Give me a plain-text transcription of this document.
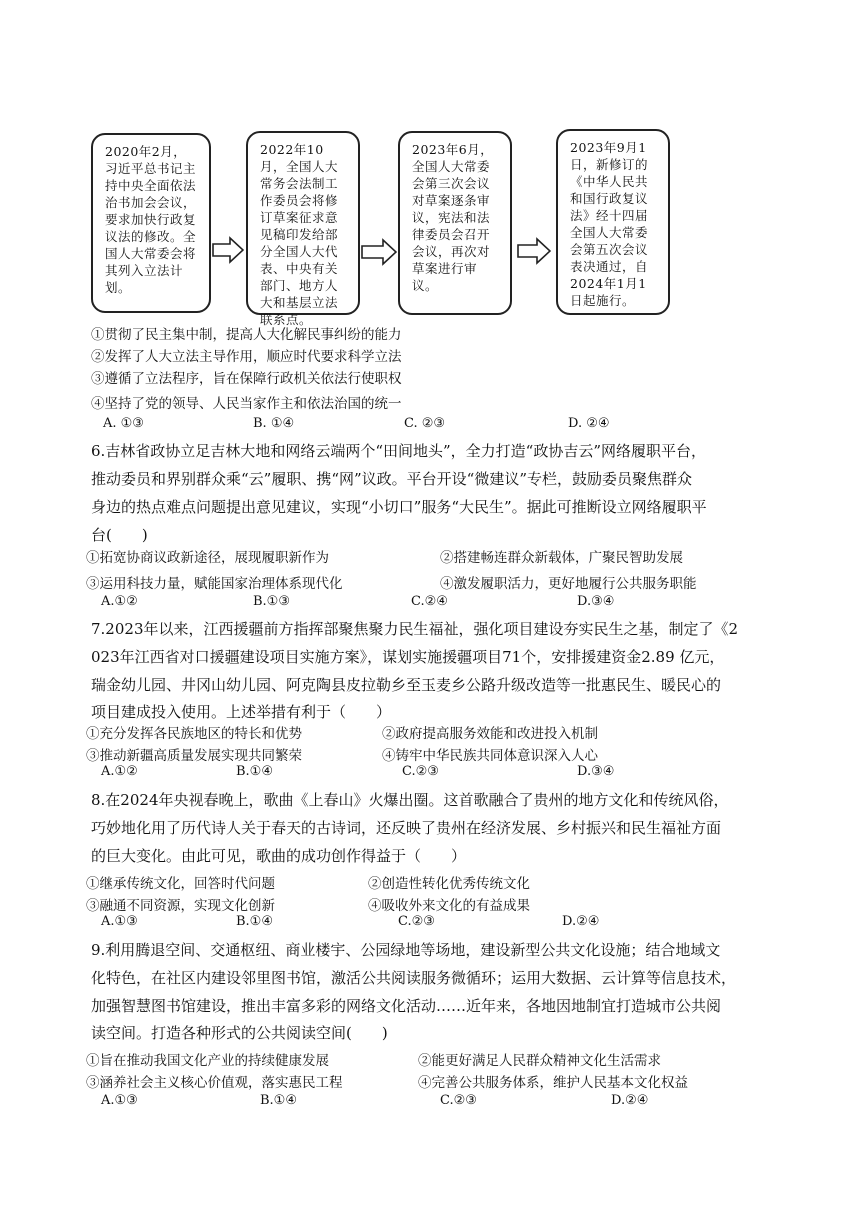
2020年2月，习近平总书记主持中央全面依法治书加会会议，要求加快行政复议法的修改。全国人大常委会将其列入立法计划。
2022年10月，全国人大常务会法制工作委员会将修订草案征求意见稿印发给部分全国人大代表、中央有关部门、地方人大和基层立法联系点。
2023年6月，全国人大常委会第三次会议对草案逐条审议，宪法和法律委员会召开会议，再次对草案进行审议。
2023年9月1日，新修订的《中华人民共和国行政复议法》经十四届全国人大常委会第五次会议表决通过，自2024年1月1日起施行。
①贯彻了民主集中制，提高人大化解民事纠纷的能力
②发挥了人大立法主导作用，顺应时代要求科学立法
③遵循了立法程序，旨在保障行政机关依法行使职权
④坚持了党的领导、人民当家作主和依法治国的统一
A. ①③	B. ①④	C. ②③	D. ②④
6.吉林省政协立足吉林大地和网络云端两个“田间地头”，全力打造“政协吉云”网络履职平台，
推动委员和界别群众乘“云”履职、携“网”议政。平台开设“微建议”专栏，鼓励委员聚焦群众
身边的热点难点问题提出意见建议，实现“小切口”服务“大民生”。据此可推断设立网络履职平
台(　　)
①拓宽协商议政新途径，展现履职新作为	②搭建畅连群众新载体，广聚民智助发展
③运用科技力量，赋能国家治理体系现代化	④激发履职活力，更好地履行公共服务职能
A.①②	B.①③	C.②④	D.③④
7.2023年以来，江西援疆前方指挥部聚焦聚力民生福祉，强化项目建设夯实民生之基，制定了《2
023年江西省对口援疆建设项目实施方案》，谋划实施援疆项目71个，安排援建资金2.89 亿元，
瑞金幼儿园、井冈山幼儿园、阿克陶县皮拉勒乡至玉麦乡公路升级改造等一批惠民生、暖民心的
项目建成投入使用。上述举措有利于（　　）
①充分发挥各民族地区的特长和优势	②政府提高服务效能和改进投入机制
③推动新疆高质量发展实现共同繁荣	④铸牢中华民族共同体意识深入人心
A.①②	B.①④	C.②③	D.③④
8.在2024年央视春晚上，歌曲《上春山》火爆出圈。这首歌融合了贵州的地方文化和传统风俗，
巧妙地化用了历代诗人关于春天的古诗词，还反映了贵州在经济发展、乡村振兴和民生福祉方面
的巨大变化。由此可见，歌曲的成功创作得益于（　　）
①继承传统文化，回答时代问题	②创造性转化优秀传统文化
③融通不同资源，实现文化创新	④吸收外来文化的有益成果
A.①③	B.①④	C.②③	D.②④
9.利用腾退空间、交通枢纽、商业楼宇、公园绿地等场地，建设新型公共文化设施；结合地域文
化特色，在社区内建设邻里图书馆，激活公共阅读服务微循环；运用大数据、云计算等信息技术，
加强智慧图书馆建设，推出丰富多彩的网络文化活动……近年来，各地因地制宜打造城市公共阅
读空间。打造各种形式的公共阅读空间(　　)
①旨在推动我国文化产业的持续健康发展	②能更好满足人民群众精神文化生活需求
③涵养社会主义核心价值观，落实惠民工程	④完善公共服务体系，维护人民基本文化权益
A.①③	B.①④	C.②③	D.②④
